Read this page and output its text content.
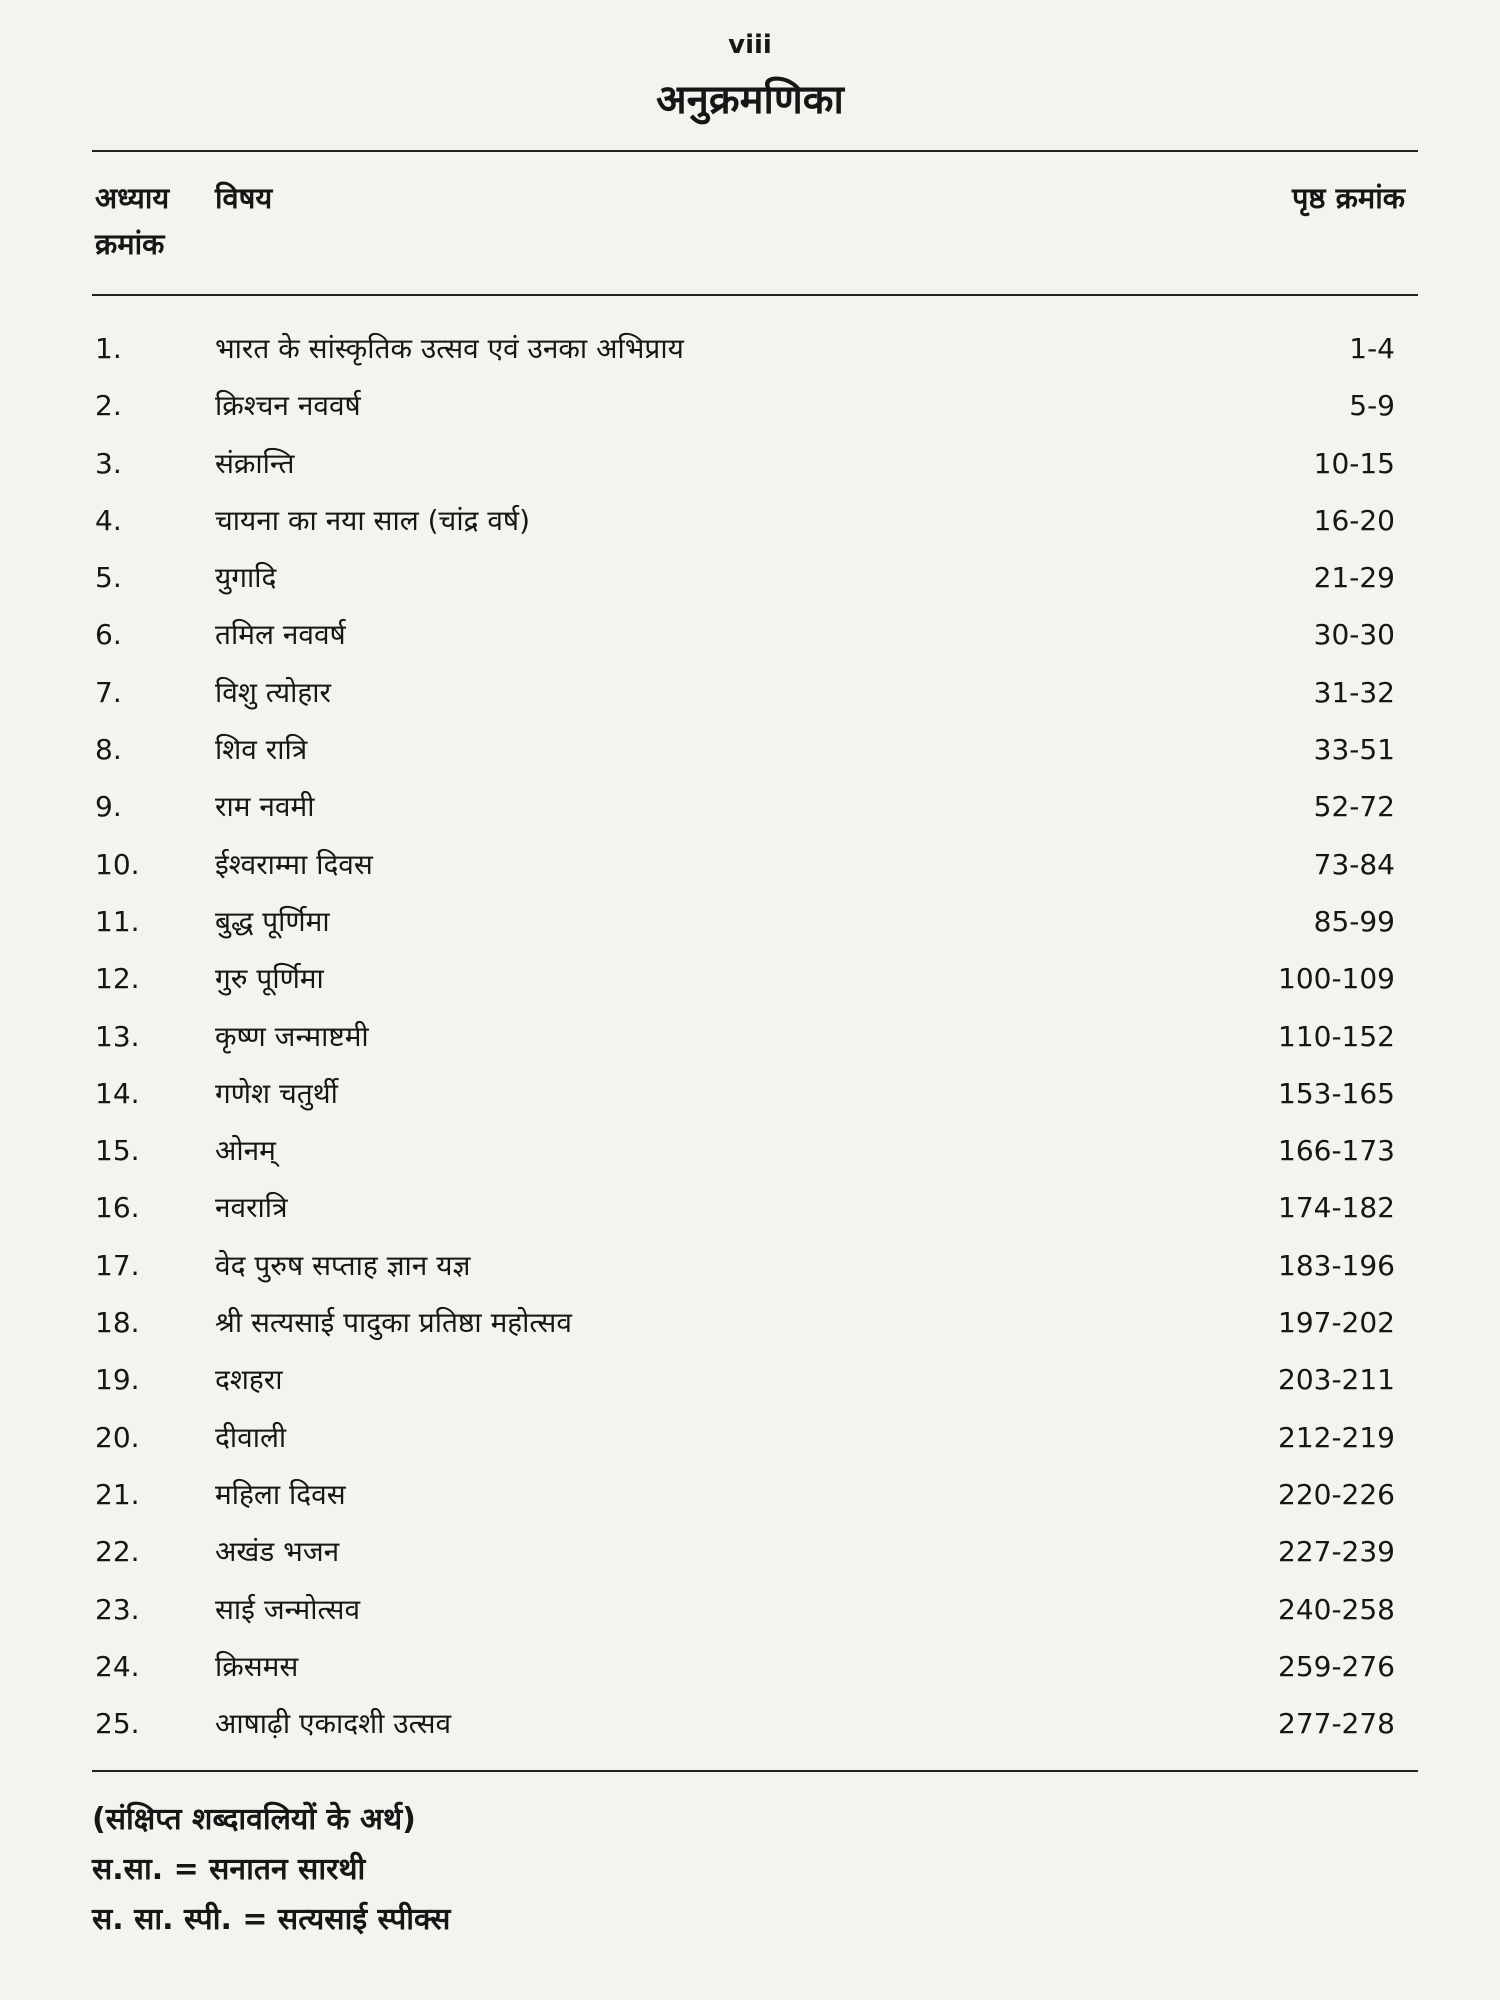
viii
अनुक्रमणिका
अध्याय क्रमांक
विषय	पृष्ठ क्रमांक
1.	भारत के सांस्कृतिक उत्सव एवं उनका अभिप्राय	1-4
2.	क्रिश्चन नववर्ष	5-9
3.	संक्रान्ति	10-15
4.	चायना का नया साल (चांद्र वर्ष)	16-20
5.	युगादि	21-29
6.	तमिल नववर्ष	30-30
7.	विशु त्योहार	31-32
8.	शिव रात्रि	33-51
9.	राम नवमी	52-72
10.	ईश्वराम्मा दिवस	73-84
11.	बुद्ध पूर्णिमा	85-99
12.	गुरु पूर्णिमा	100-109
13.	कृष्ण जन्माष्टमी	110-152
14.	गणेश चतुर्थी	153-165
15.	ओनम्	166-173
16.	नवरात्रि	174-182
17.	वेद पुरुष सप्ताह ज्ञान यज्ञ	183-196
18.	श्री सत्यसाई पादुका प्रतिष्ठा महोत्सव	197-202
19.	दशहरा	203-211
20.	दीवाली	212-219
21.	महिला दिवस	220-226
22.	अखंड भजन	227-239
23.	साई जन्मोत्सव	240-258
24.	क्रिसमस	259-276
25.	आषाढ़ी एकादशी उत्सव	277-278
(संक्षिप्त शब्दावलियों के अर्थ)
स.सा. = सनातन सारथी
स. सा. स्पी. = सत्यसाई स्पीक्स
